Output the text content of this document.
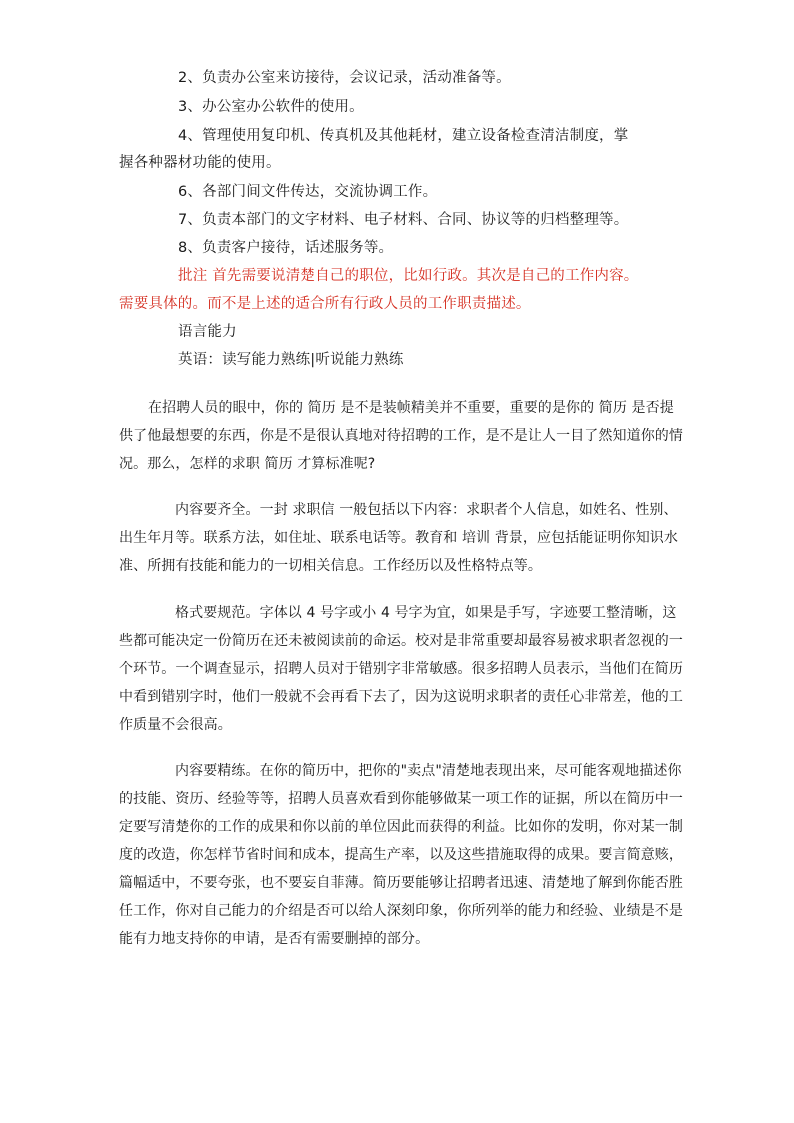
2、负责办公室来访接待，会议记录，活动准备等。
3、办公室办公软件的使用。
4、管理使用复印机、传真机及其他耗材，建立设备检查清洁制度，掌
握各种器材功能的使用。
6、各部门间文件传达，交流协调工作。
7、负责本部门的文字材料、电子材料、合同、协议等的归档整理等。
8、负责客户接待，话述服务等。
批注 首先需要说清楚自己的职位，比如行政。其次是自己的工作内容。
需要具体的。而不是上述的适合所有行政人员的工作职责描述。
语言能力
英语：读写能力熟练|听说能力熟练
在招聘人员的眼中，你的 简历 是不是装帧精美并不重要，重要的是你的 简历 是否提
供了他最想要的东西，你是不是很认真地对待招聘的工作，是不是让人一目了然知道你的情
况。那么，怎样的求职 简历 才算标准呢?
内容要齐全。一封 求职信 一般包括以下内容：求职者个人信息，如姓名、性别、
出生年月等。联系方法，如住址、联系电话等。教育和 培训 背景，应包括能证明你知识水
准、所拥有技能和能力的一切相关信息。工作经历以及性格特点等。
格式要规范。字体以 4 号字或小 4 号字为宜，如果是手写，字迹要工整清晰，这
些都可能决定一份简历在还未被阅读前的命运。校对是非常重要却最容易被求职者忽视的一
个环节。一个调查显示，招聘人员对于错别字非常敏感。很多招聘人员表示，当他们在简历
中看到错别字时，他们一般就不会再看下去了，因为这说明求职者的责任心非常差，他的工
作质量不会很高。
内容要精练。在你的简历中，把你的"卖点"清楚地表现出来，尽可能客观地描述你
的技能、资历、经验等等，招聘人员喜欢看到你能够做某一项工作的证据，所以在简历中一
定要写清楚你的工作的成果和你以前的单位因此而获得的利益。比如你的发明，你对某一制
度的改造，你怎样节省时间和成本，提高生产率，以及这些措施取得的成果。要言简意赅，
篇幅适中，不要夸张，也不要妄自菲薄。简历要能够让招聘者迅速、清楚地了解到你能否胜
任工作，你对自己能力的介绍是否可以给人深刻印象，你所列举的能力和经验、业绩是不是
能有力地支持你的申请，是否有需要删掉的部分。
